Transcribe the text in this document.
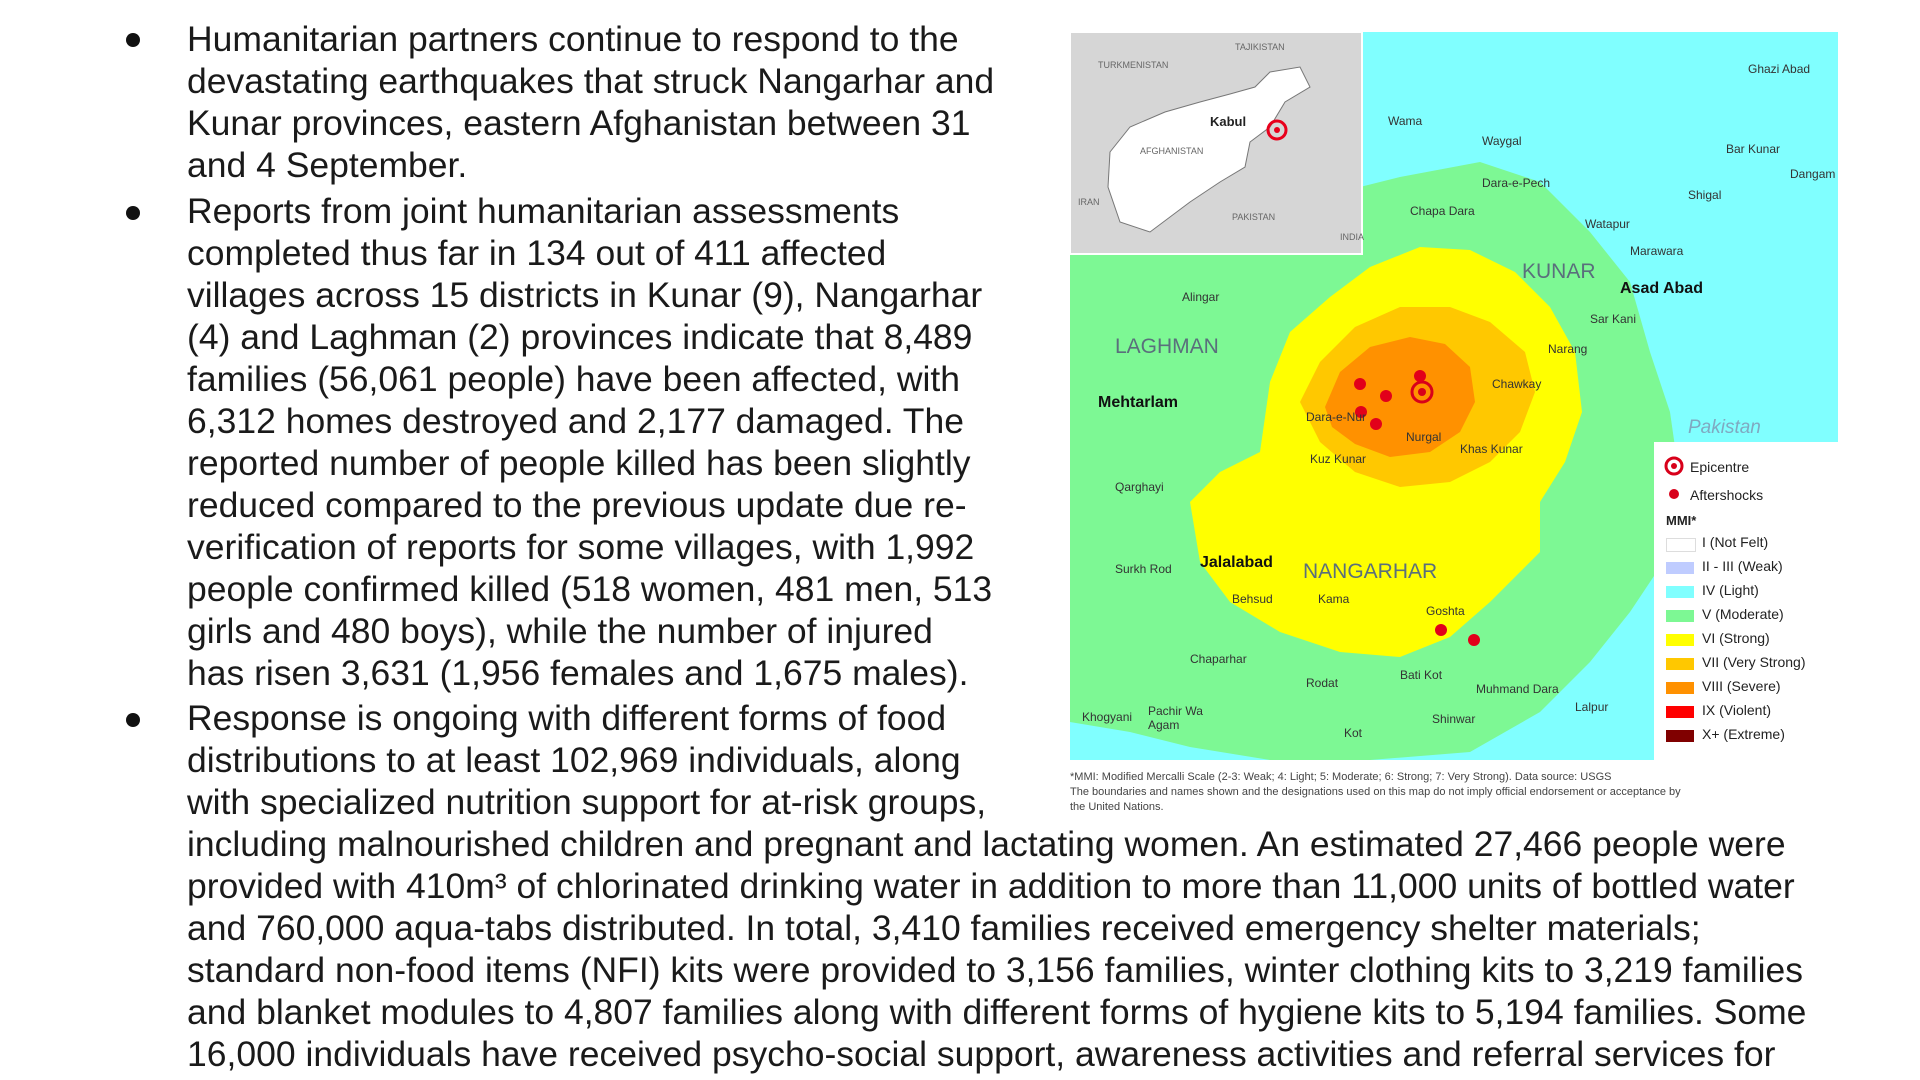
Humanitarian partners continue to respond to the
devastating earthquakes that struck Nangarhar and
Kunar provinces, eastern Afghanistan between 31
and 4 September.
Reports from joint humanitarian assessments
completed thus far in 134 out of 411 affected
villages across 15 districts in Kunar (9), Nangarhar
(4) and Laghman (2) provinces indicate that 8,489
families (56,061 people) have been affected, with
6,312 homes destroyed and 2,177 damaged. The
reported number of people killed has been slightly
reduced compared to the previous update due re-
verification of reports for some villages, with 1,992
people confirmed killed (518 women, 481 men, 513
girls and 480 boys), while the number of injured
has risen 3,631 (1,956 females and 1,675 males).
Response is ongoing with different forms of food
distributions to at least 102,969 individuals, along
with specialized nutrition support for at-risk groups,
including malnourished children and pregnant and lactating women. An estimated 27,466 people were
provided with 410m³ of chlorinated drinking water in addition to more than 11,000 units of bottled water
and 760,000 aqua-tabs distributed. In total, 3,410 families received emergency shelter materials;
standard non-food items (NFI) kits were provided to 3,156 families, winter clothing kits to 3,219 families
and blanket modules to 4,807 families along with different forms of hygiene kits to 5,194 families. Some
16,000 individuals have received psycho-social support, awareness activities and referral services for
TURKMENISTAN
TAJIKISTAN
AFGHANISTAN
IRAN
PAKISTAN
INDIA
Kabul
LAGHMAN
KUNAR
NANGARHAR
Pakistan
Mehtarlam
Asad Abad
Jalalabad
Ghazi Abad
Wama
Waygal
Bar Kunar
Dangam
Dara-e-Pech
Shigal
Chapa Dara
Watapur
Marawara
Alingar
Sar Kani
Narang
Chawkay
Dara-e-Nur
Nurgal
Kuz Kunar
Khas Kunar
Qarghayi
Surkh Rod
Behsud	Kama
Goshta
Chaparhar
Bati Kot
Rodat	Muhmand Dara
Lalpur
Khogyani Pachir Wa Agam	Shinwar
Kot
Epicentre
Aftershocks
MMI*
I (Not Felt)
II - III (Weak)
IV (Light)
V (Moderate)
VI (Strong)
VII (Very Strong)
VIII (Severe)
IX (Violent)
X+ (Extreme)

*MMI: Modified Mercalli Scale (2-3: Weak; 4: Light; 5: Moderate; 6: Strong; 7: Very Strong). Data source: USGS

The boundaries and names shown and the designations used on this map do not imply official endorsement or acceptance by

the United Nations.
